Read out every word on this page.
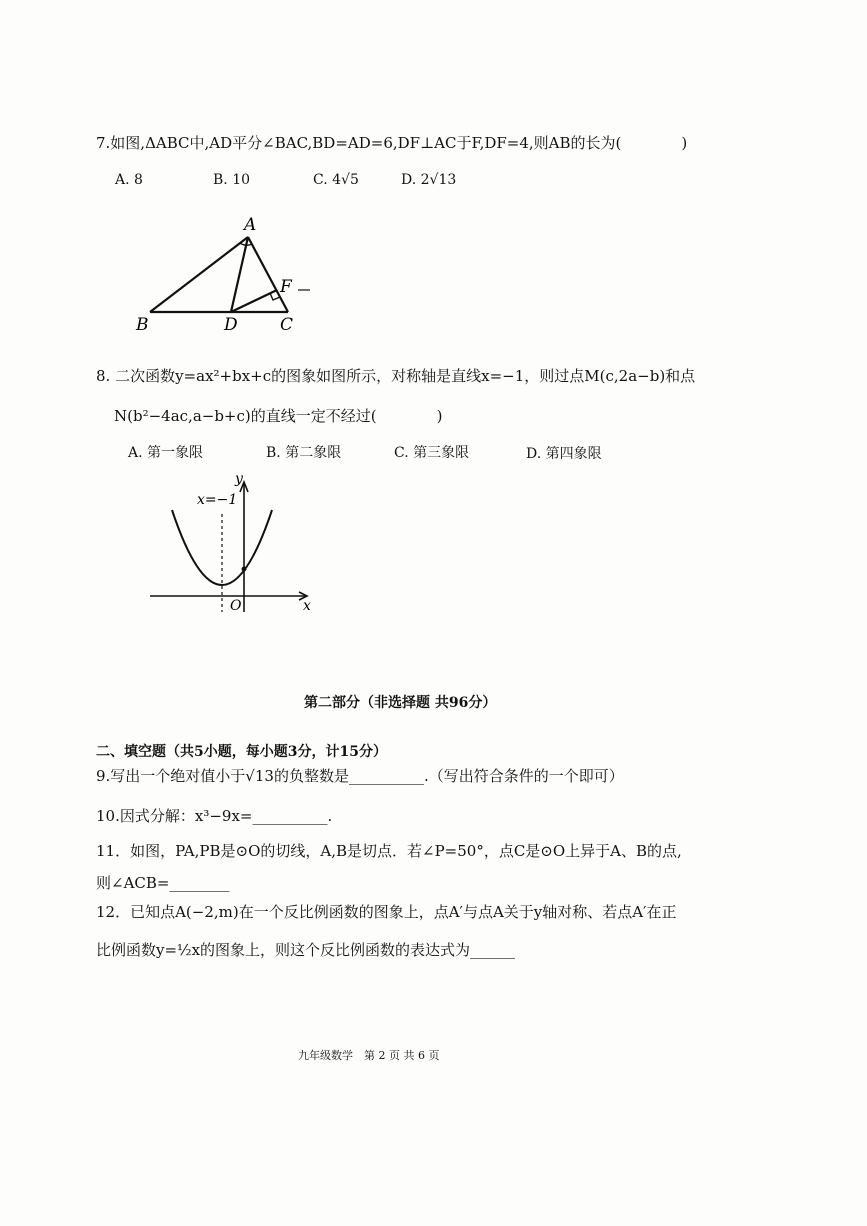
7.如图,ΔABC中,AD平分∠BAC,BD=AD=6,DF⊥AC于F,DF=4,则AB的长为(　　　　)
A. 8	B. 10	C. 4√5	D. 2√13
A
B	D C
F
8. 二次函数y=ax²+bx+c的图象如图所示，对称轴是直线x=−1，则过点M(c,2a−b)和点
N(b²−4ac,a−b+c)的直线一定不经过(　　　　)
A. 第一象限	B. 第二象限	C. 第三象限	D. 第四象限
x=−1
y
x
O
第二部分（非选择题 共96分）
二、填空题（共5小题，每小题3分，计15分）
9.写出一个绝对值小于√13的负整数是__________.（写出符合条件的一个即可）
10.因式分解：x³−9x=__________.
11．如图，PA,PB是⊙O的切线，A,B是切点．若∠P=50°，点C是⊙O上异于A、B的点,
则∠ACB=________
12．已知点A(−2,m)在一个反比例函数的图象上，点A′与点A关于y轴对称、若点A′在正
比例函数y=½x的图象上，则这个反比例函数的表达式为______
九年级数学　第 2 页 共 6 页
